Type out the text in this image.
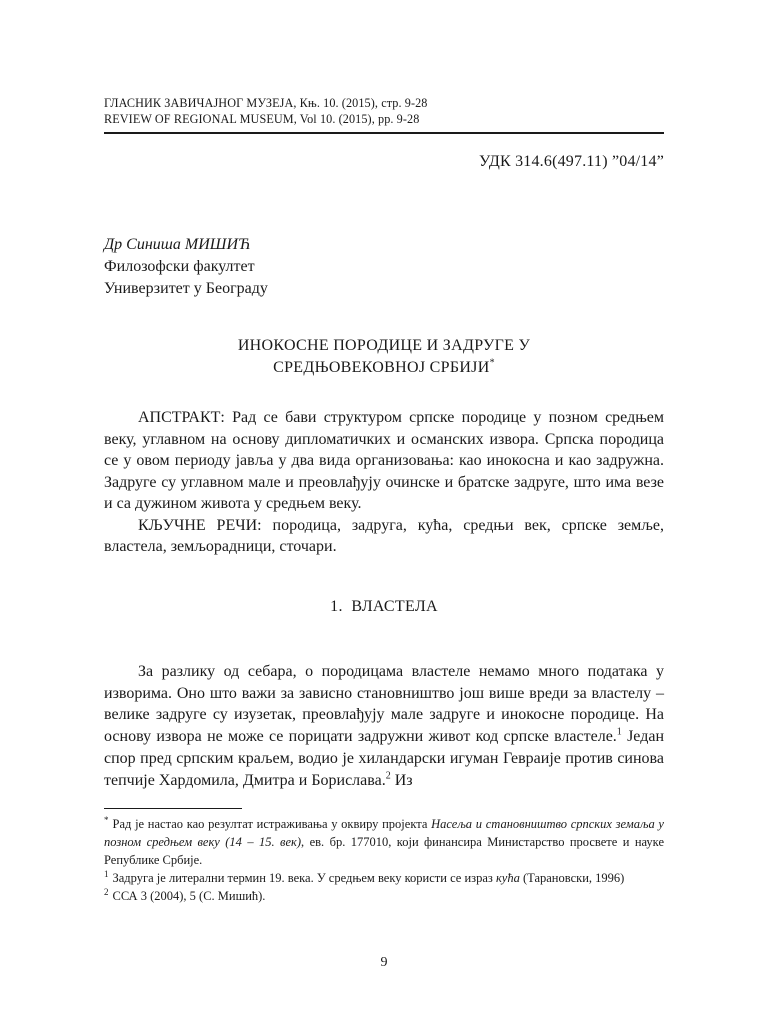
ГЛАСНИК ЗАВИЧАЈНОГ МУЗЕЈА, Књ. 10. (2015), стр. 9-28
REVIEW OF REGIONAL MUSEUM, Vol 10. (2015), pp. 9-28
УДК 314.6(497.11) ”04/14”
Др Синиша МИШИЋ
Филозофски факултет
Универзитет у Београду
ИНОКОСНЕ ПОРОДИЦЕ И ЗАДРУГЕ У
СРЕДЊОВЕКОВНОЈ СРБИЈИ*
АПСТРАКТ: Рад се бави структуром српске породице у позном средњем веку, углавном на основу дипломатичких и османских извора. Српска породица се у овом периоду јавља у два вида организовања: као инокосна и као задружна. Задруге су углавном мале и преовлађују очинске и братске задруге, што има везе и са дужином живота у средњем веку.
КЉУЧНЕ РЕЧИ: породица, задруга, кућа, средњи век, српске земље, властела, земљорадници, сточари.
1. ВЛАСТЕЛА
За разлику од себара, о породицама властеле немамо много података у изворима. Оно што важи за зависно становништво још више вреди за властелу – велике задруге су изузетак, преовлађују мале задруге и инокосне породице. На основу извора не може се порицати задружни живот код српске властеле.$^1$ Један спор пред српским краљем, водио је хиландарски игуман Гевраије против синова тепчије Хардомила, Дмитра и Борислава.$^2$ Из
* Рад је настао као резултат истраживања у оквиру пројекта Насеља и становништво српских земаља у позном средњем веку (14 – 15. век), ев. бр. 177010, који финансира Министарство просвете и науке Републике Србије.
$^1$ Задруга је литерални термин 19. века. У средњем веку користи се израз кућа (Тарановски, 1996)
$^2$ ССА 3 (2004), 5 (С. Мишић).
9
